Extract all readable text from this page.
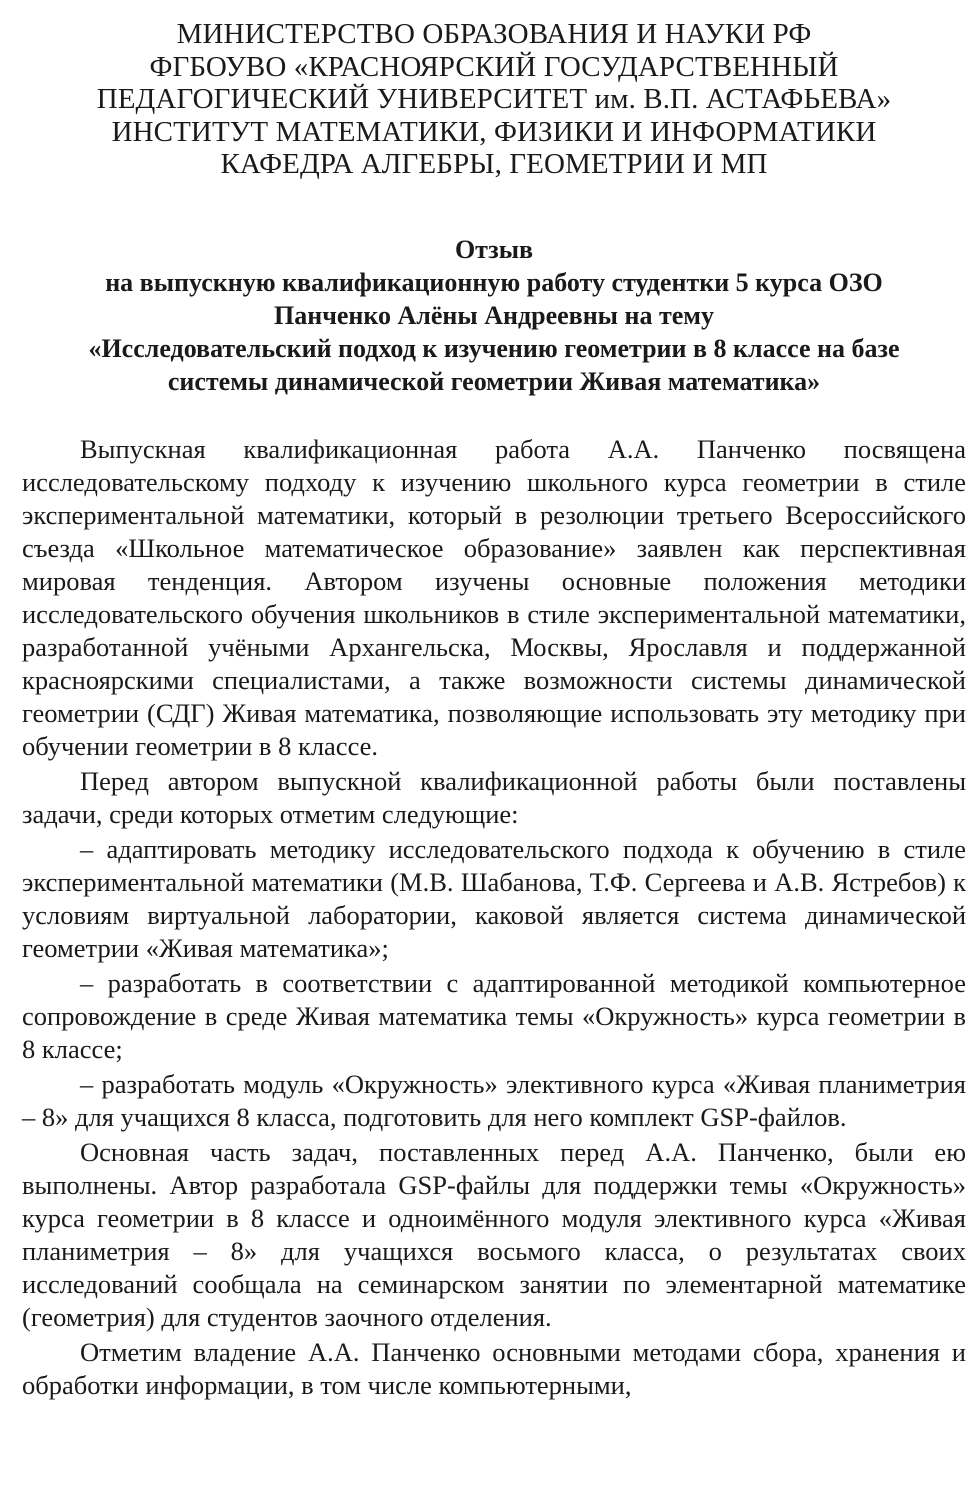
МИНИСТЕРСТВО ОБРАЗОВАНИЯ И НАУКИ РФ
ФГБОУВО «КРАСНОЯРСКИЙ ГОСУДАРСТВЕННЫЙ
ПЕДАГОГИЧЕСКИЙ УНИВЕРСИТЕТ им. В.П. АСТАФЬЕВА»
ИНСТИТУТ МАТЕМАТИКИ, ФИЗИКИ И ИНФОРМАТИКИ
КАФЕДРА АЛГЕБРЫ, ГЕОМЕТРИИ И МП
Отзыв
на выпускную квалификационную работу студентки 5 курса ОЗО
Панченко Алёны Андреевны на тему
«Исследовательский подход к изучению геометрии в 8 классе на базе
системы динамической геометрии Живая математика»

Выпускная квалификационная работа А.А. Панченко посвящена исследовательскому подходу к изучению школьного курса геометрии в стиле экспериментальной математики, который в резолюции третьего Всероссийского съезда «Школьное математическое образование» заявлен как перспективная мировая тенденция. Автором изучены основные положения методики исследовательского обучения школьников в стиле экспериментальной математики, разработанной учёными Архангельска, Москвы, Ярославля и поддержанной красноярскими специалистами, а также возможности системы динамической геометрии (СДГ) Живая математика, позволяющие использовать эту методику при обучении геометрии в 8 классе.

Перед автором выпускной квалификационной работы были поставлены задачи, среди которых отметим следующие:

– адаптировать методику исследовательского подхода к обучению в стиле экспериментальной математики (М.В. Шабанова, Т.Ф. Сергеева и А.В. Ястребов) к условиям виртуальной лаборатории, каковой является система динамической геометрии «Живая математика»;

– разработать в соответствии с адаптированной методикой компьютерное сопровождение в среде Живая математика темы «Окружность» курса геометрии в 8 классе;

– разработать модуль «Окружность» элективного курса «Живая планиметрия – 8» для учащихся 8 класса, подготовить для него комплект GSP-файлов.

Основная часть задач, поставленных перед А.А. Панченко, были ею выполнены. Автор разработала GSP-файлы для поддержки темы «Окружность» курса геометрии в 8 классе и одноимённого модуля элективного курса «Живая планиметрия – 8» для учащихся восьмого класса, о результатах своих исследований сообщала на семинарском занятии по элементарной математике (геометрия) для студентов заочного отделения.

Отметим владение А.А. Панченко основными методами сбора, хранения и обработки информации, в том числе компьютерными,
